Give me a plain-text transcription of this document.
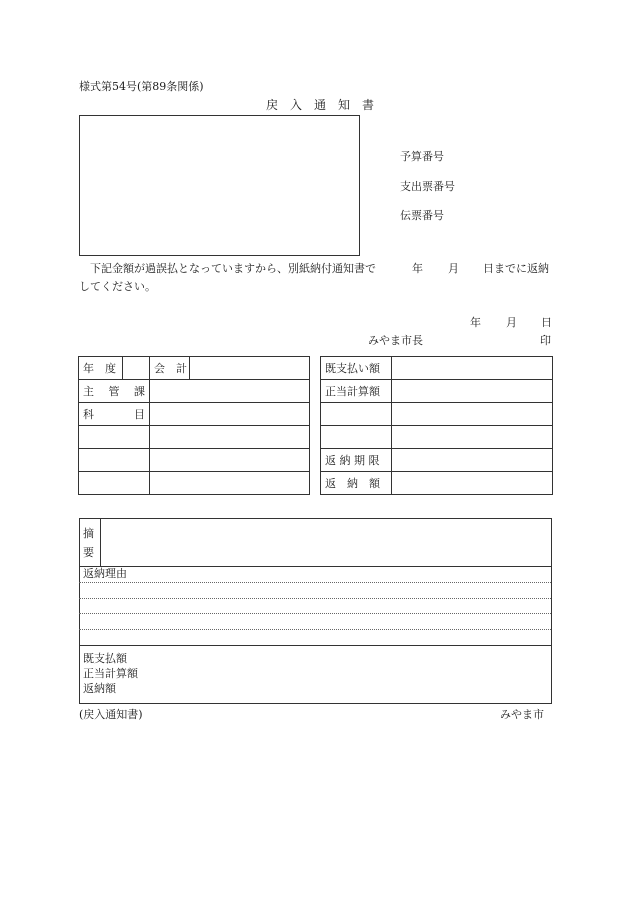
様式第54号(第89条関係)
戻　入　通　知　書
予算番号
支出票番号
伝票番号
　下記金額が過誤払となっていますから、別紙納付通知書で	年 月 日までに返納
してください。
年 月 日
みやま市長	印
年　度		会　計	
主　管　課			
科　　　目			

既支払い額	
正当計算額	

返 納 期 限	
返　納　額	
摘
要
返納理由
既支払額
正当計算額
返納額
(戻入通知書)	みやま市
